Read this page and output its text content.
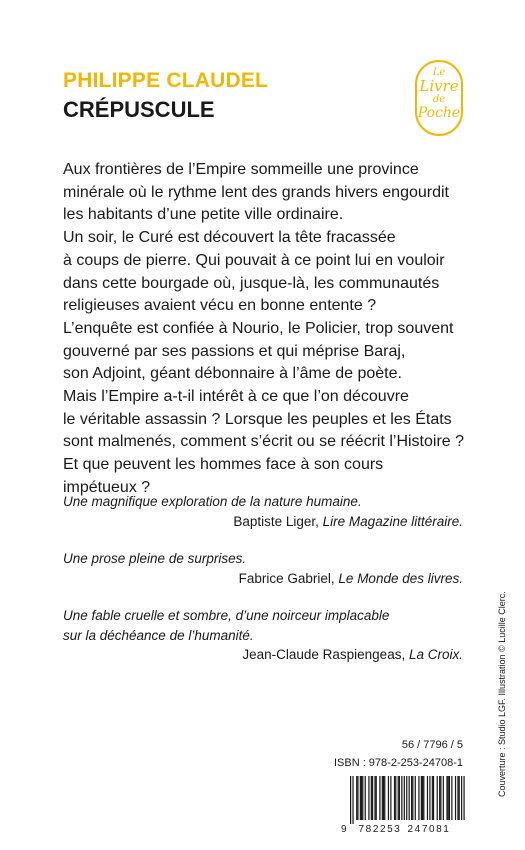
PHILIPPE CLAUDEL
CRÉPUSCULE
Le
Livre
de
Poche

Aux frontières de l’Empire sommeille une province
minérale où le rythme lent des grands hivers engourdit
les habitants d’une petite ville ordinaire.
Un soir, le Curé est découvert la tête fracassée
à coups de pierre. Qui pouvait à ce point lui en vouloir
dans cette bourgade où, jusque-là, les communautés
religieuses avaient vécu en bonne entente ?
L’enquête est confiée à Nourio, le Policier, trop souvent
gouverné par ses passions et qui méprise Baraj,
son Adjoint, géant débonnaire à l’âme de poète.
Mais l’Empire a-t-il intérêt à ce que l’on découvre
le véritable assassin ? Lorsque les peuples et les États
sont malmenés, comment s’écrit ou se réécrit l’Histoire ?
Et que peuvent les hommes face à son cours
impétueux ?

Une magnifique exploration de la nature humaine.
Baptiste Liger, Lire Magazine littéraire.
Une prose pleine de surprises.
Fabrice Gabriel, Le Monde des livres.
Une fable cruelle et sombre, d’une noirceur implacable
sur la déchéance de l’humanité.
Jean-Claude Raspiengeas, La Croix.

56 / 7796 / 5

ISBN : 978-2-253-24708-1

9 782253 247081
Couverture : Studio LGF. Illustration © Lucille Clerc.
